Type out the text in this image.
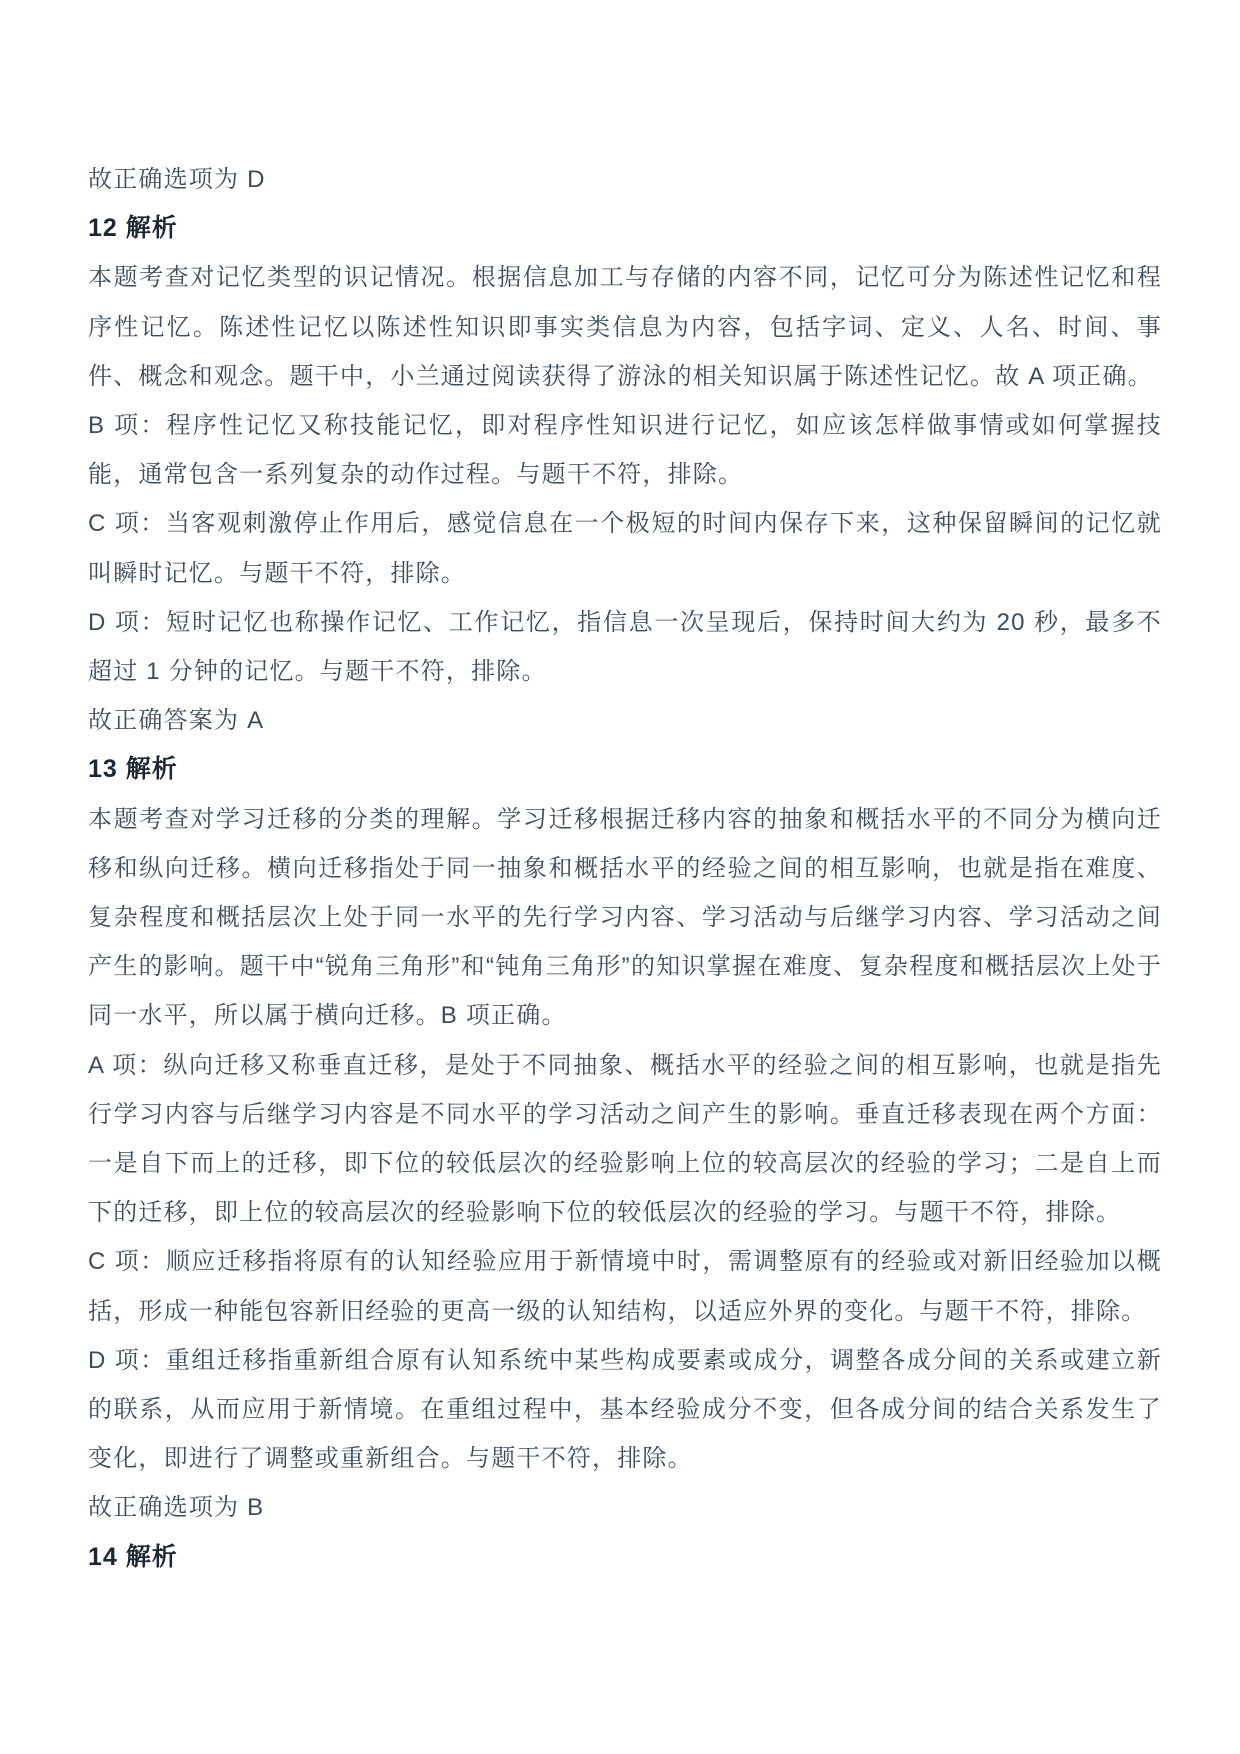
故正确选项为 D

12 解析

本题考查对记忆类型的识记情况。根据信息加工与存储的内容不同，记忆可分为陈述性记忆和程序性记忆。陈述性记忆以陈述性知识即事实类信息为内容，包括字词、定义、人名、时间、事件、概念和观念。题干中，小兰通过阅读获得了游泳的相关知识属于陈述性记忆。故 A 项正确。

B 项：程序性记忆又称技能记忆，即对程序性知识进行记忆，如应该怎样做事情或如何掌握技能，通常包含一系列复杂的动作过程。与题干不符，排除。

C 项：当客观刺激停止作用后，感觉信息在一个极短的时间内保存下来，这种保留瞬间的记忆就叫瞬时记忆。与题干不符，排除。

D 项：短时记忆也称操作记忆、工作记忆，指信息一次呈现后，保持时间大约为 20 秒，最多不超过 1 分钟的记忆。与题干不符，排除。

故正确答案为 A

13 解析

本题考查对学习迁移的分类的理解。学习迁移根据迁移内容的抽象和概括水平的不同分为横向迁移和纵向迁移。横向迁移指处于同一抽象和概括水平的经验之间的相互影响，也就是指在难度、复杂程度和概括层次上处于同一水平的先行学习内容、学习活动与后继学习内容、学习活动之间产生的影响。题干中“锐角三角形”和“钝角三角形”的知识掌握在难度、复杂程度和概括层次上处于同一水平，所以属于横向迁移。B 项正确。

A 项：纵向迁移又称垂直迁移，是处于不同抽象、概括水平的经验之间的相互影响，也就是指先行学习内容与后继学习内容是不同水平的学习活动之间产生的影响。垂直迁移表现在两个方面：一是自下而上的迁移，即下位的较低层次的经验影响上位的较高层次的经验的学习；二是自上而下的迁移，即上位的较高层次的经验影响下位的较低层次的经验的学习。与题干不符，排除。

C 项：顺应迁移指将原有的认知经验应用于新情境中时，需调整原有的经验或对新旧经验加以概括，形成一种能包容新旧经验的更高一级的认知结构，以适应外界的变化。与题干不符，排除。

D 项：重组迁移指重新组合原有认知系统中某些构成要素或成分，调整各成分间的关系或建立新的联系，从而应用于新情境。在重组过程中，基本经验成分不变，但各成分间的结合关系发生了变化，即进行了调整或重新组合。与题干不符，排除。

故正确选项为 B

14 解析
